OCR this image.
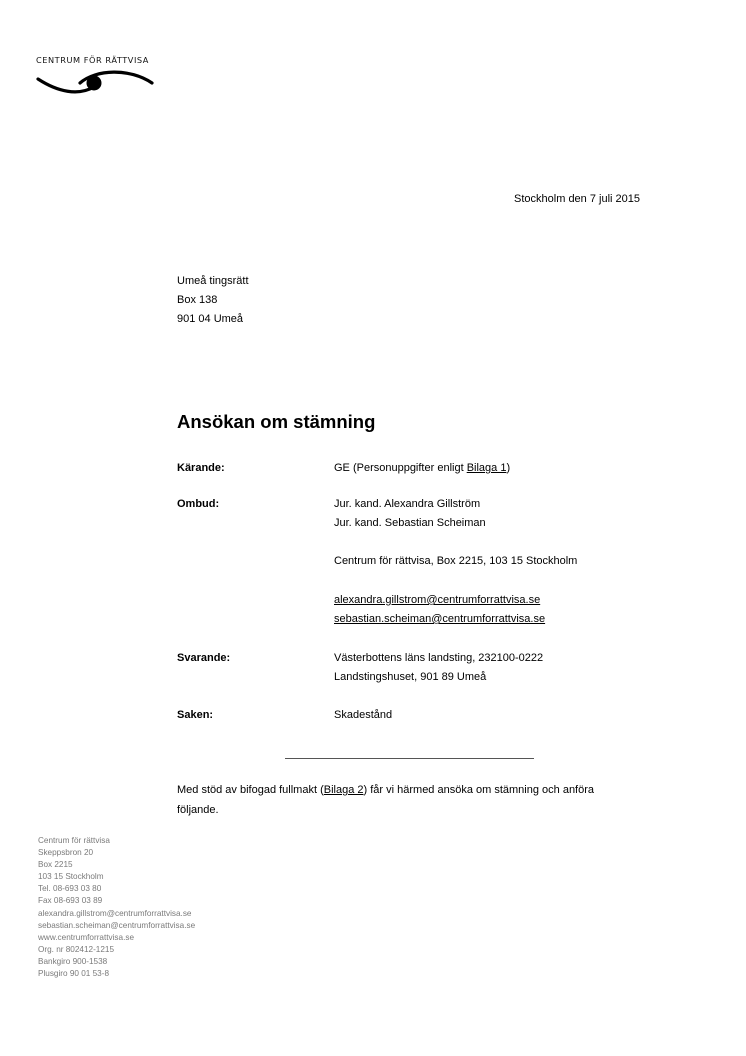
CENTRUM FÖR RÄTTVISA
Stockholm den 7 juli 2015
Umeå tingsrätt
Box 138
901 04 Umeå
Ansökan om stämning
Kärande:	GE (Personuppgifter enligt Bilaga 1)
Ombud:	Jur. kand. Alexandra Gillström
Jur. kand. Sebastian Scheiman
Centrum för rättvisa, Box 2215, 103 15 Stockholm
alexandra.gillstrom@centrumforrattvisa.se
sebastian.scheiman@centrumforrattvisa.se
Svarande:	Västerbottens läns landsting, 232100-0222
Landstingshuset, 901 89 Umeå
Saken:	Skadestånd
Med stöd av bifogad fullmakt (Bilaga 2) får vi härmed ansöka om stämning och anföra följande.
Centrum för rättvisa
Skeppsbron 20
Box 2215
103 15 Stockholm
Tel. 08-693 03 80
Fax 08-693 03 89
alexandra.gillstrom@centrumforrattvisa.se
sebastian.scheiman@centrumforrattvisa.se
www.centrumforrattvisa.se
Org. nr 802412-1215
Bankgiro 900-1538
Plusgiro 90 01 53-8
